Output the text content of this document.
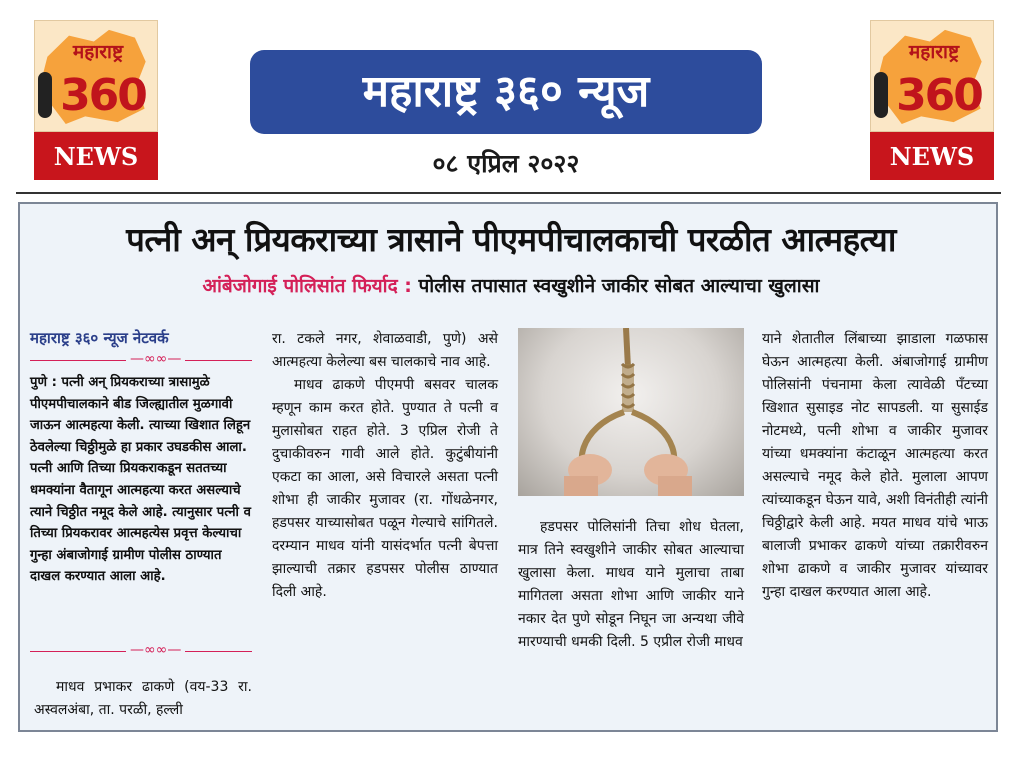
महाराष्ट्र
360
NEWS
महाराष्ट्र
360
NEWS
महाराष्ट्र ३६० न्यूज
०८ एप्रिल २०२२
पत्नी अन् प्रियकराच्या त्रासाने पीएमपीचालकाची परळीत आत्महत्या
आंबेजोगाई पोलिसांत फिर्याद : पोलीस तपासात स्वखुशीने जाकीर सोबत आल्याचा खुलासा
महाराष्ट्र ३६० न्यूज नेटवर्क
—∞∞—
पुणे : पत्नी अन् प्रियकराच्या त्रासामुळे पीएमपीचालकाने बीड जिल्ह्यातील मुळगावी जाऊन आत्महत्या केली. त्याच्या खिशात लिहून ठेवलेल्या चिठ्ठीमुळे हा प्रकार उघडकीस आला. पत्नी आणि तिच्या प्रियकराकडून सततच्या धमक्यांना वैतागून आत्महत्या करत असल्याचे त्याने चिठ्ठीत नमूद केले आहे. त्यानुसार पत्नी व तिच्या प्रियकरावर आत्महत्येस प्रवृत्त केल्याचा गुन्हा अंबाजोगाई ग्रामीण पोलीस ठाण्यात दाखल करण्यात आला आहे.
—∞∞—

माधव प्रभाकर ढाकणे (वय-33 रा. अस्वलअंबा, ता. परळी, हल्ली

रा. टकले नगर, शेवाळवाडी, पुणे) असे आत्महत्या केलेल्या बस चालकाचे नाव आहे.

माधव ढाकणे पीएमपी बसवर चालक म्हणून काम करत होते. पुण्यात ते पत्नी व मुलासोबत राहत होते. 3 एप्रिल रोजी ते दुचाकीवरुन गावी आले होते. कुटुंबीयांनी एकटा का आला, असे विचारले असता पत्नी शोभा ही जाकीर मुजावर (रा. गोंधळेनगर, हडपसर याच्यासोबत पळून गेल्याचे सांगितले. दरम्यान माधव यांनी यासंदर्भात पत्नी बेपत्ता झाल्याची तक्रार हडपसर पोलीस ठाण्यात दिली आहे.

हडपसर पोलिसांनी तिचा शोध घेतला, मात्र तिने स्वखुशीने जाकीर सोबत आल्याचा खुलासा केला. माधव याने मुलाचा ताबा मागितला असता शोभा आणि जाकीर याने नकार देत पुणे सोडून निघून जा अन्यथा जीवे मारण्याची धमकी दिली. 5 एप्रील रोजी माधव

याने शेतातील लिंबाच्या झाडाला गळफास घेऊन आत्महत्या केली. अंबाजोगाई ग्रामीण पोलिसांनी पंचनामा केला त्यावेळी पँटच्या खिशात सुसाइड नोट सापडली. या सुसाईड नोटमध्ये, पत्नी शोभा व जाकीर मुजावर यांच्या धमक्यांना कंटाळून आत्महत्या करत असल्याचे नमूद केले होते. मुलाला आपण त्यांच्याकडून घेऊन यावे, अशी विनंतीही त्यांनी चिठ्ठीद्वारे केली आहे. मयत माधव यांचे भाऊ बालाजी प्रभाकर ढाकणे यांच्या तक्रारीवरुन शोभा ढाकणे व जाकीर मुजावर यांच्यावर गुन्हा दाखल करण्यात आला आहे.
